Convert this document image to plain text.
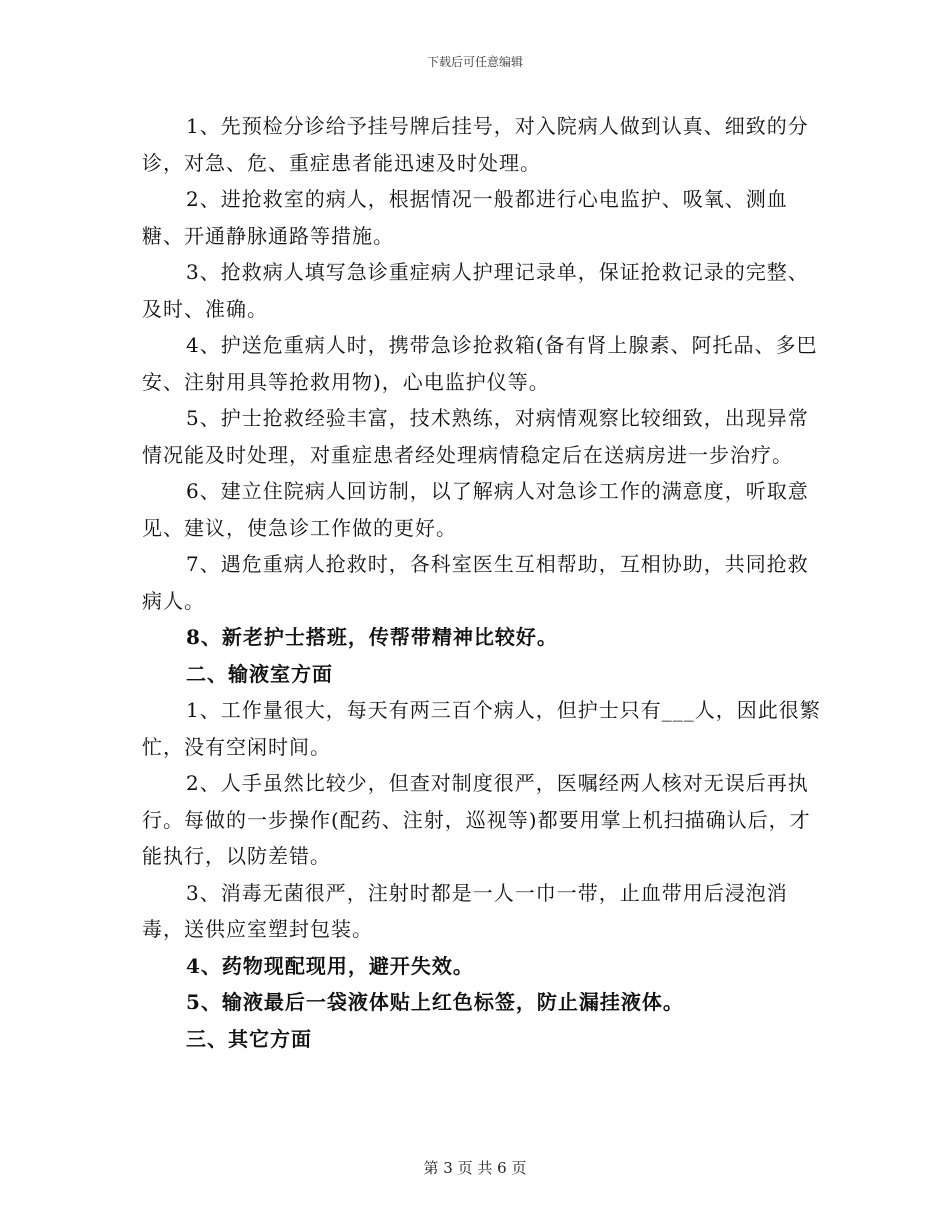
下载后可任意编辑

1、先预检分诊给予挂号牌后挂号，对入院病人做到认真、细致的分诊，对急、危、重症患者能迅速及时处理。

2、进抢救室的病人，根据情况一般都进行心电监护、吸氧、测血糖、开通静脉通路等措施。

3、抢救病人填写急诊重症病人护理记录单，保证抢救记录的完整、及时、准确。

4、护送危重病人时，携带急诊抢救箱(备有肾上腺素、阿托品、多巴安、注射用具等抢救用物)，心电监护仪等。

5、护士抢救经验丰富，技术熟练，对病情观察比较细致，出现异常情况能及时处理，对重症患者经处理病情稳定后在送病房进一步治疗。

6、建立住院病人回访制，以了解病人对急诊工作的满意度，听取意见、建议，使急诊工作做的更好。

7、遇危重病人抢救时，各科室医生互相帮助，互相协助，共同抢救病人。

8、新老护士搭班，传帮带精神比较好。

二、输液室方面

1、工作量很大，每天有两三百个病人，但护士只有___人，因此很繁忙，没有空闲时间。

2、人手虽然比较少，但查对制度很严，医嘱经两人核对无误后再执行。每做的一步操作(配药、注射，巡视等)都要用掌上机扫描确认后，才能执行，以防差错。

3、消毒无菌很严，注射时都是一人一巾一带，止血带用后浸泡消毒，送供应室塑封包装。

4、药物现配现用，避开失效。

5、输液最后一袋液体贴上红色标签，防止漏挂液体。

三、其它方面

第 3 页 共 6 页
